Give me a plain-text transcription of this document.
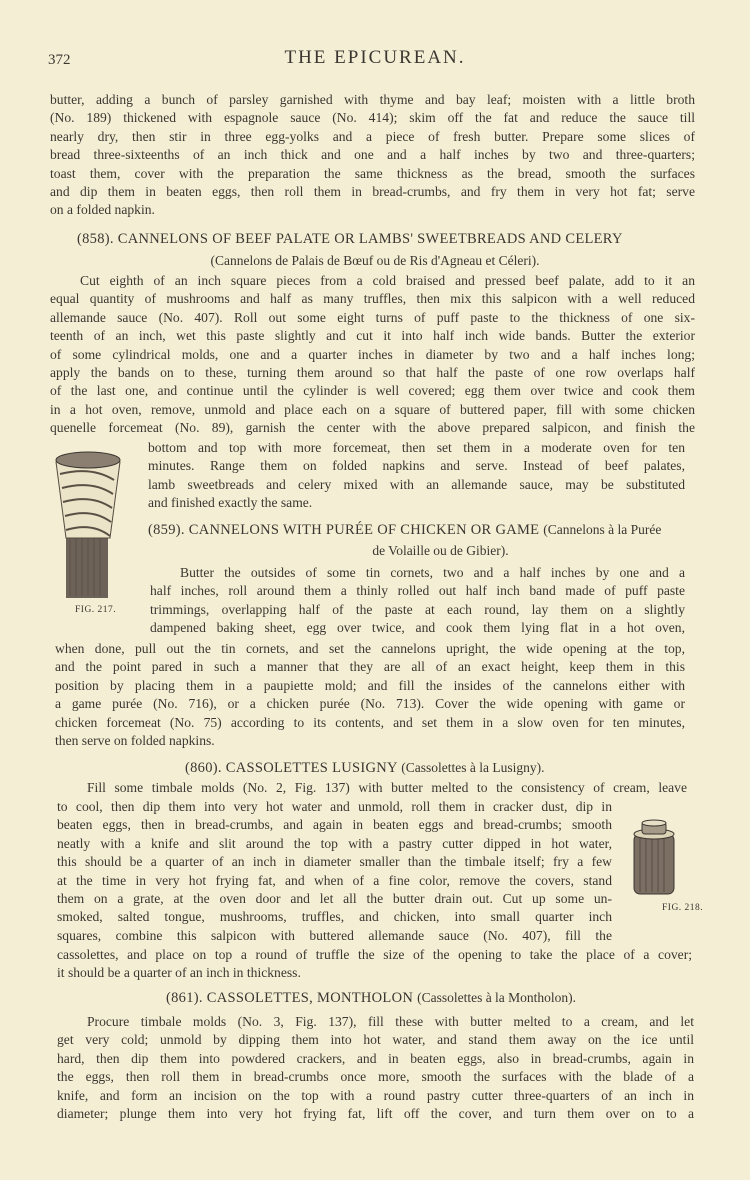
372	THE EPICUREAN.
butter, adding a bunch of parsley garnished with thyme and bay leaf; moisten with a little broth
(No. 189) thickened with espagnole sauce (No. 414); skim off the fat and reduce the sauce till
nearly dry, then stir in three egg-yolks and a piece of fresh butter. Prepare some slices of
bread three-sixteenths of an inch thick and one and a half inches by two and three-quarters;
toast them, cover with the preparation the same thickness as the bread, smooth the surfaces
and dip them in beaten eggs, then roll them in bread-crumbs, and fry them in very hot fat; serve
on a folded napkin.
(858). CANNELONS OF BEEF PALATE OR LAMBS' SWEETBREADS AND CELERY
(Cannelons de Palais de Bœuf ou de Ris d'Agneau et Céleri).
Cut eighth of an inch square pieces from a cold braised and pressed beef palate, add to it an
equal quantity of mushrooms and half as many truffles, then mix this salpicon with a well reduced
allemande sauce (No. 407). Roll out some eight turns of puff paste to the thickness of one six-
teenth of an inch, wet this paste slightly and cut it into half inch wide bands. Butter the exterior
of some cylindrical molds, one and a quarter inches in diameter by two and a half inches long;
apply the bands on to these, turning them around so that half the paste of one row overlaps half
of the last one, and continue until the cylinder is well covered; egg them over twice and cook them
in a hot oven, remove, unmold and place each on a square of buttered paper, fill with some chicken
quenelle forcemeat (No. 89), garnish the center with the above prepared salpicon, and finish the
bottom and top with more forcemeat, then set them in a moderate oven for ten
minutes. Range them on folded napkins and serve. Instead of beef palates,
lamb sweetbreads and celery mixed with an allemande sauce, may be substituted
and finished exactly the same.
FIG. 217.
(859). CANNELONS WITH PURÉE OF CHICKEN OR GAME (Cannelons à la Purée
de Volaille ou de Gibier).
Butter the outsides of some tin cornets, two and a half inches by one and a
half inches, roll around them a thinly rolled out half inch band made of puff paste
trimmings, overlapping half of the paste at each round, lay them on a slightly
dampened baking sheet, egg over twice, and cook them lying flat in a hot oven,
when done, pull out the tin cornets, and set the cannelons upright, the wide opening at the top,
and the point pared in such a manner that they are all of an exact height, keep them in this
position by placing them in a paupiette mold; and fill the insides of the cannelons either with
a game purée (No. 716), or a chicken purée (No. 713). Cover the wide opening with game or
chicken forcemeat (No. 75) according to its contents, and set them in a slow oven for ten minutes,
then serve on folded napkins.
(860). CASSOLETTES LUSIGNY (Cassolettes à la Lusigny).
Fill some timbale molds (No. 2, Fig. 137) with butter melted to the consistency of cream, leave
to cool, then dip them into very hot water and unmold, roll them in cracker dust, dip in
beaten eggs, then in bread-crumbs, and again in beaten eggs and bread-crumbs; smooth
neatly with a knife and slit around the top with a pastry cutter dipped in hot water,
this should be a quarter of an inch in diameter smaller than the timbale itself; fry a few
at the time in very hot frying fat, and when of a fine color, remove the covers, stand
them on a grate, at the oven door and let all the butter drain out. Cut up some un-
smoked, salted tongue, mushrooms, truffles, and chicken, into small quarter inch
squares, combine this salpicon with buttered allemande sauce (No. 407), fill the
cassolettes, and place on top a round of truffle the size of the opening to take the place of a cover;
it should be a quarter of an inch in thickness.
FIG. 218.
(861). CASSOLETTES, MONTHOLON (Cassolettes à la Montholon).
Procure timbale molds (No. 3, Fig. 137), fill these with butter melted to a cream, and let
get very cold; unmold by dipping them into hot water, and stand them away on the ice until
hard, then dip them into powdered crackers, and in beaten eggs, also in bread-crumbs, again in
the eggs, then roll them in bread-crumbs once more, smooth the surfaces with the blade of a
knife, and form an incision on the top with a round pastry cutter three-quarters of an inch in
diameter; plunge them into very hot frying fat, lift off the cover, and turn them over on to a
